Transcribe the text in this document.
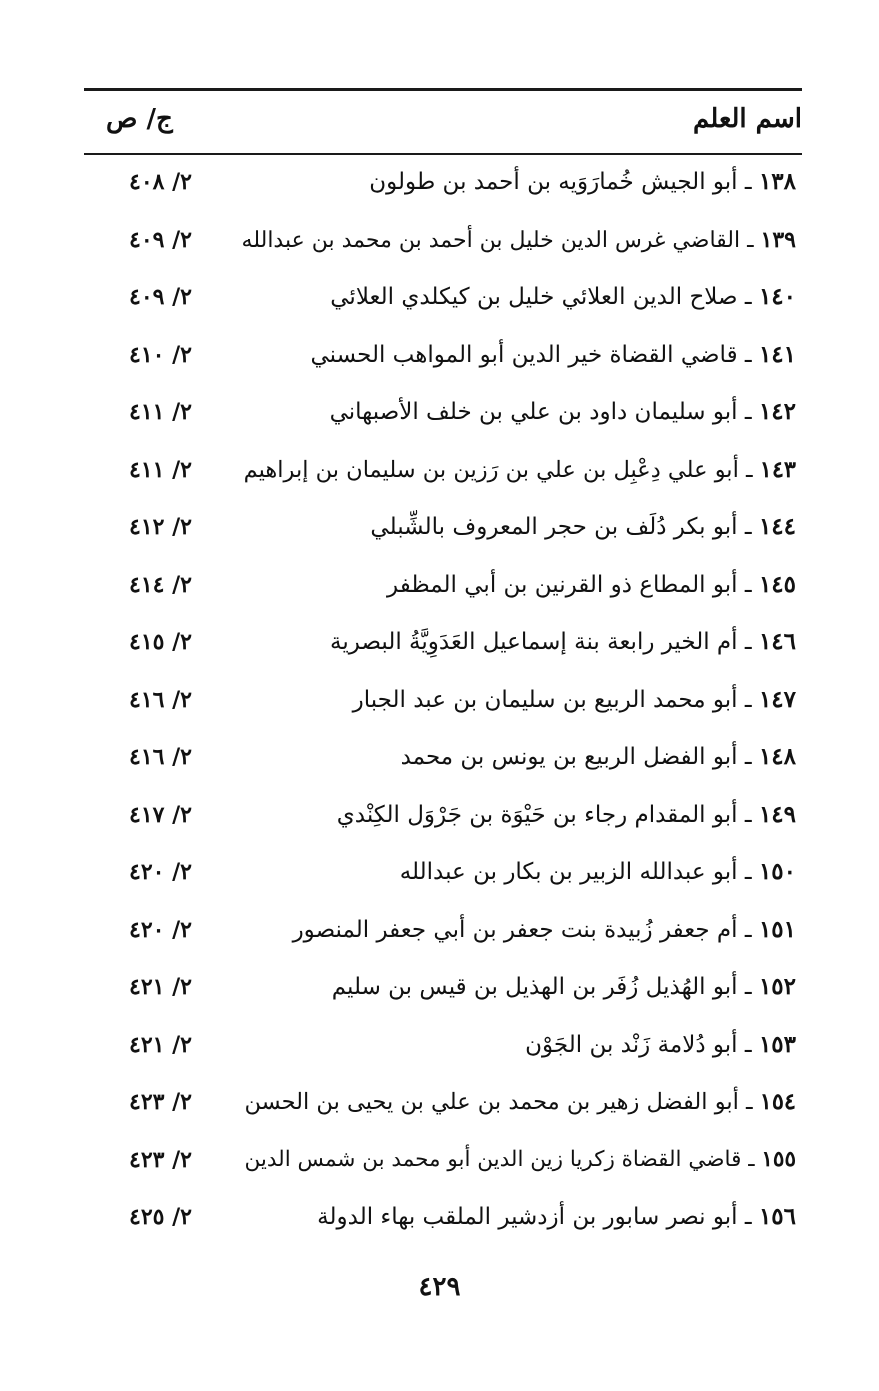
اسم العلم
ج/ ص
١٣٨ ـ أبو الجيش خُمارَوَيه بن أحمد بن طولون
٢/ ٤٠٨
١٣٩ ـ القاضي غرس الدين خليل بن أحمد بن محمد بن عبدالله
٢/ ٤٠٩
١٤٠ ـ صلاح الدين العلائي خليل بن كيكلدي العلائي
٢/ ٤٠٩
١٤١ ـ قاضي القضاة خير الدين أبو المواهب الحسني
٢/ ٤١٠
١٤٢ ـ أبو سليمان داود بن علي بن خلف الأصبهاني
٢/ ٤١١
١٤٣ ـ أبو علي دِعْبِل بن علي بن رَزين بن سليمان بن إبراهيم
٢/ ٤١١
١٤٤ ـ أبو بكر دُلَف بن حجر المعروف بالشِّبلي
٢/ ٤١٢
١٤٥ ـ أبو المطاع ذو القرنين بن أبي المظفر
٢/ ٤١٤
١٤٦ ـ أم الخير رابعة بنة إسماعيل العَدَوِيَّةُ البصرية
٢/ ٤١٥
١٤٧ ـ أبو محمد الربيع بن سليمان بن عبد الجبار
٢/ ٤١٦
١٤٨ ـ أبو الفضل الربيع بن يونس بن محمد
٢/ ٤١٦
١٤٩ ـ أبو المقدام رجاء بن حَيْوَة بن جَرْوَل الكِنْدي
٢/ ٤١٧
١٥٠ ـ أبو عبدالله الزبير بن بكار بن عبدالله
٢/ ٤٢٠
١٥١ ـ أم جعفر زُبيدة بنت جعفر بن أبي جعفر المنصور
٢/ ٤٢٠
١٥٢ ـ أبو الهُذيل زُفَر بن الهذيل بن قيس بن سليم
٢/ ٤٢١
١٥٣ ـ أبو دُلامة زَنْد بن الجَوْن
٢/ ٤٢١
١٥٤ ـ أبو الفضل زهير بن محمد بن علي بن يحيى بن الحسن
٢/ ٤٢٣
١٥٥ ـ قاضي القضاة زكريا زين الدين أبو محمد بن شمس الدين
٢/ ٤٢٣
١٥٦ ـ أبو نصر سابور بن أزدشير الملقب بهاء الدولة
٢/ ٤٢٥
٤٢٩
